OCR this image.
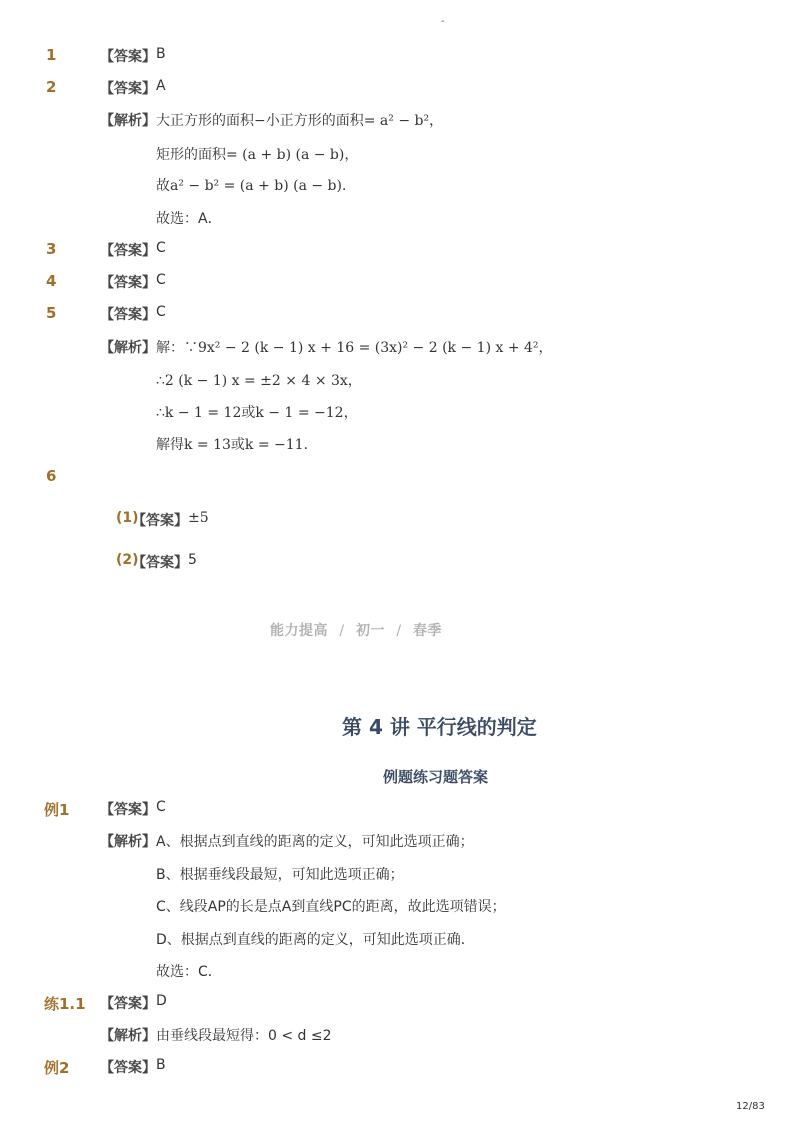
-
1	【答案】 B
2	【答案】 A
【解析】 大正方形的面积−小正方形的面积= a² − b²，
矩形的面积= (a + b) (a − b)，
故a² − b² = (a + b) (a − b)．
故选：A．
3	【答案】 C
4	【答案】 C
5	【答案】 C
【解析】 解：∵9x² − 2 (k − 1) x + 16 = (3x)² − 2 (k − 1) x + 4²，
∴2 (k − 1) x = ±2 × 4 × 3x，
∴k − 1 = 12或k − 1 = −12，
解得k = 13或k = −11．
6
(1)
【答案】 ±5
(2)
【答案】 5
能力提高 / 初一 / 春季
第 4 讲 平行线的判定
例题练习题答案
例1 【答案】 C
【解析】 A、根据点到直线的距离的定义，可知此选项正确；
B、根据垂线段最短，可知此选项正确；
C、线段AP的长是点A到直线PC的距离，故此选项错误；
D、根据点到直线的距离的定义，可知此选项正确．
故选：C．
练1.1 【答案】 D
【解析】 由垂线段最短得：0 < d ≤2
例2 【答案】 B
12/83
